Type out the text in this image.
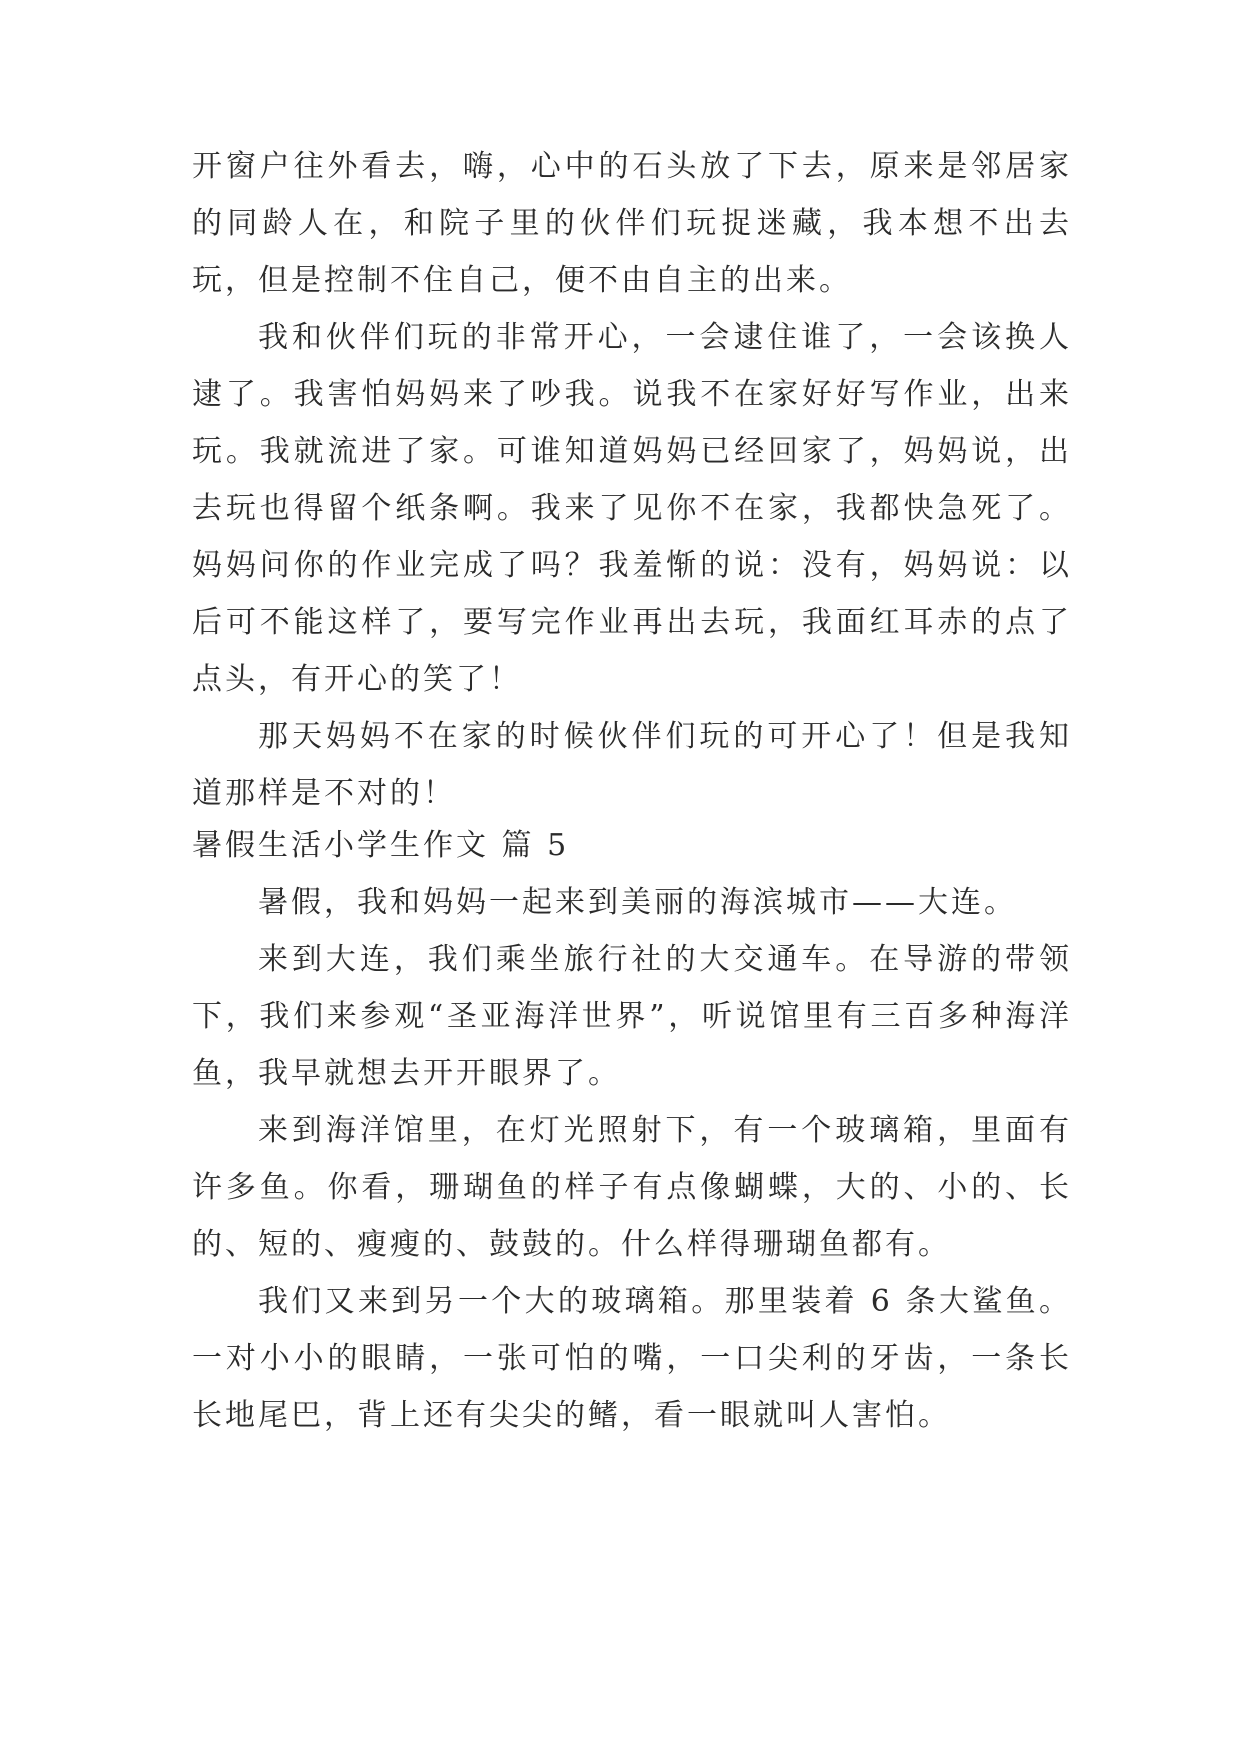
开窗户往外看去，嗨，心中的石头放了下去，原来是邻居家的同龄人在，和院子里的伙伴们玩捉迷藏，我本想不出去玩，但是控制不住自己，便不由自主的出来。

我和伙伴们玩的非常开心，一会逮住谁了，一会该换人逮了。我害怕妈妈来了吵我。说我不在家好好写作业，出来玩。我就流进了家。可谁知道妈妈已经回家了，妈妈说，出去玩也得留个纸条啊。我来了见你不在家，我都快急死了。妈妈问你的作业完成了吗？我羞惭的说：没有，妈妈说：以后可不能这样了，要写完作业再出去玩，我面红耳赤的点了点头，有开心的笑了！

那天妈妈不在家的时候伙伴们玩的可开心了！但是我知道那样是不对的！

暑假生活小学生作文 篇 5

暑假，我和妈妈一起来到美丽的海滨城市——大连。

来到大连，我们乘坐旅行社的大交通车。在导游的带领下，我们来参观“圣亚海洋世界”，听说馆里有三百多种海洋鱼，我早就想去开开眼界了。

来到海洋馆里，在灯光照射下，有一个玻璃箱，里面有许多鱼。你看，珊瑚鱼的样子有点像蝴蝶，大的、小的、长的、短的、瘦瘦的、鼓鼓的。什么样得珊瑚鱼都有。

我们又来到另一个大的玻璃箱。那里装着 6 条大鲨鱼。一对小小的眼睛，一张可怕的嘴，一口尖利的牙齿，一条长长地尾巴，背上还有尖尖的鳍，看一眼就叫人害怕。
